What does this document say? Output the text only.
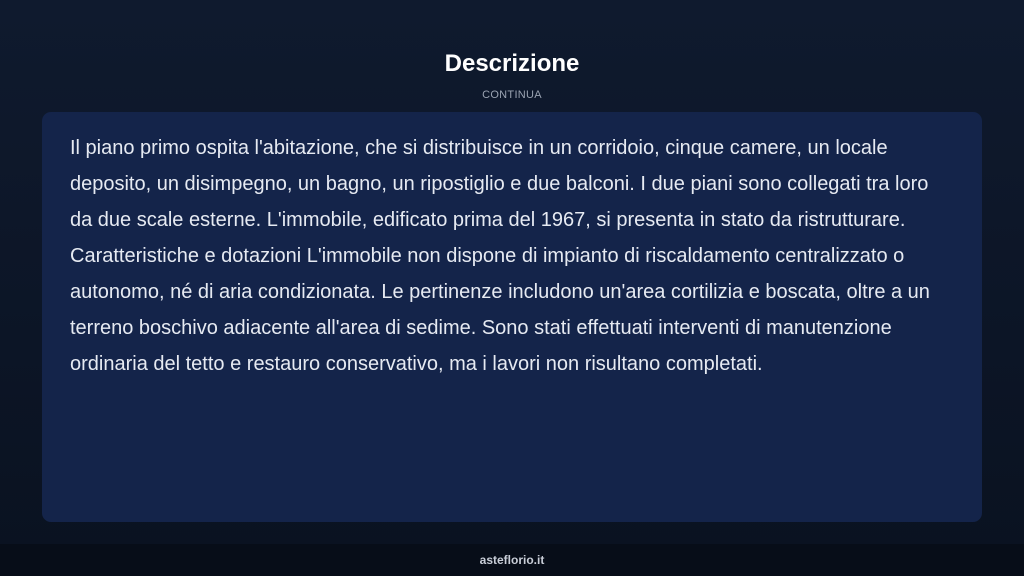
Descrizione
CONTINUA

Il piano primo ospita l'abitazione, che si distribuisce in un corridoio, cinque camere, un locale deposito, un disimpegno, un bagno, un ripostiglio e due balconi. I due piani sono collegati tra loro da due scale esterne. L'immobile, edificato prima del 1967, si presenta in stato da ristrutturare. Caratteristiche e dotazioni L'immobile non dispone di impianto di riscaldamento centralizzato o autonomo, né di aria condizionata. Le pertinenze includono un'area cortilizia e boscata, oltre a un terreno boschivo adiacente all'area di sedime. Sono stati effettuati interventi di manutenzione ordinaria del tetto e restauro conservativo, ma i lavori non risultano completati.

asteflorio.it
